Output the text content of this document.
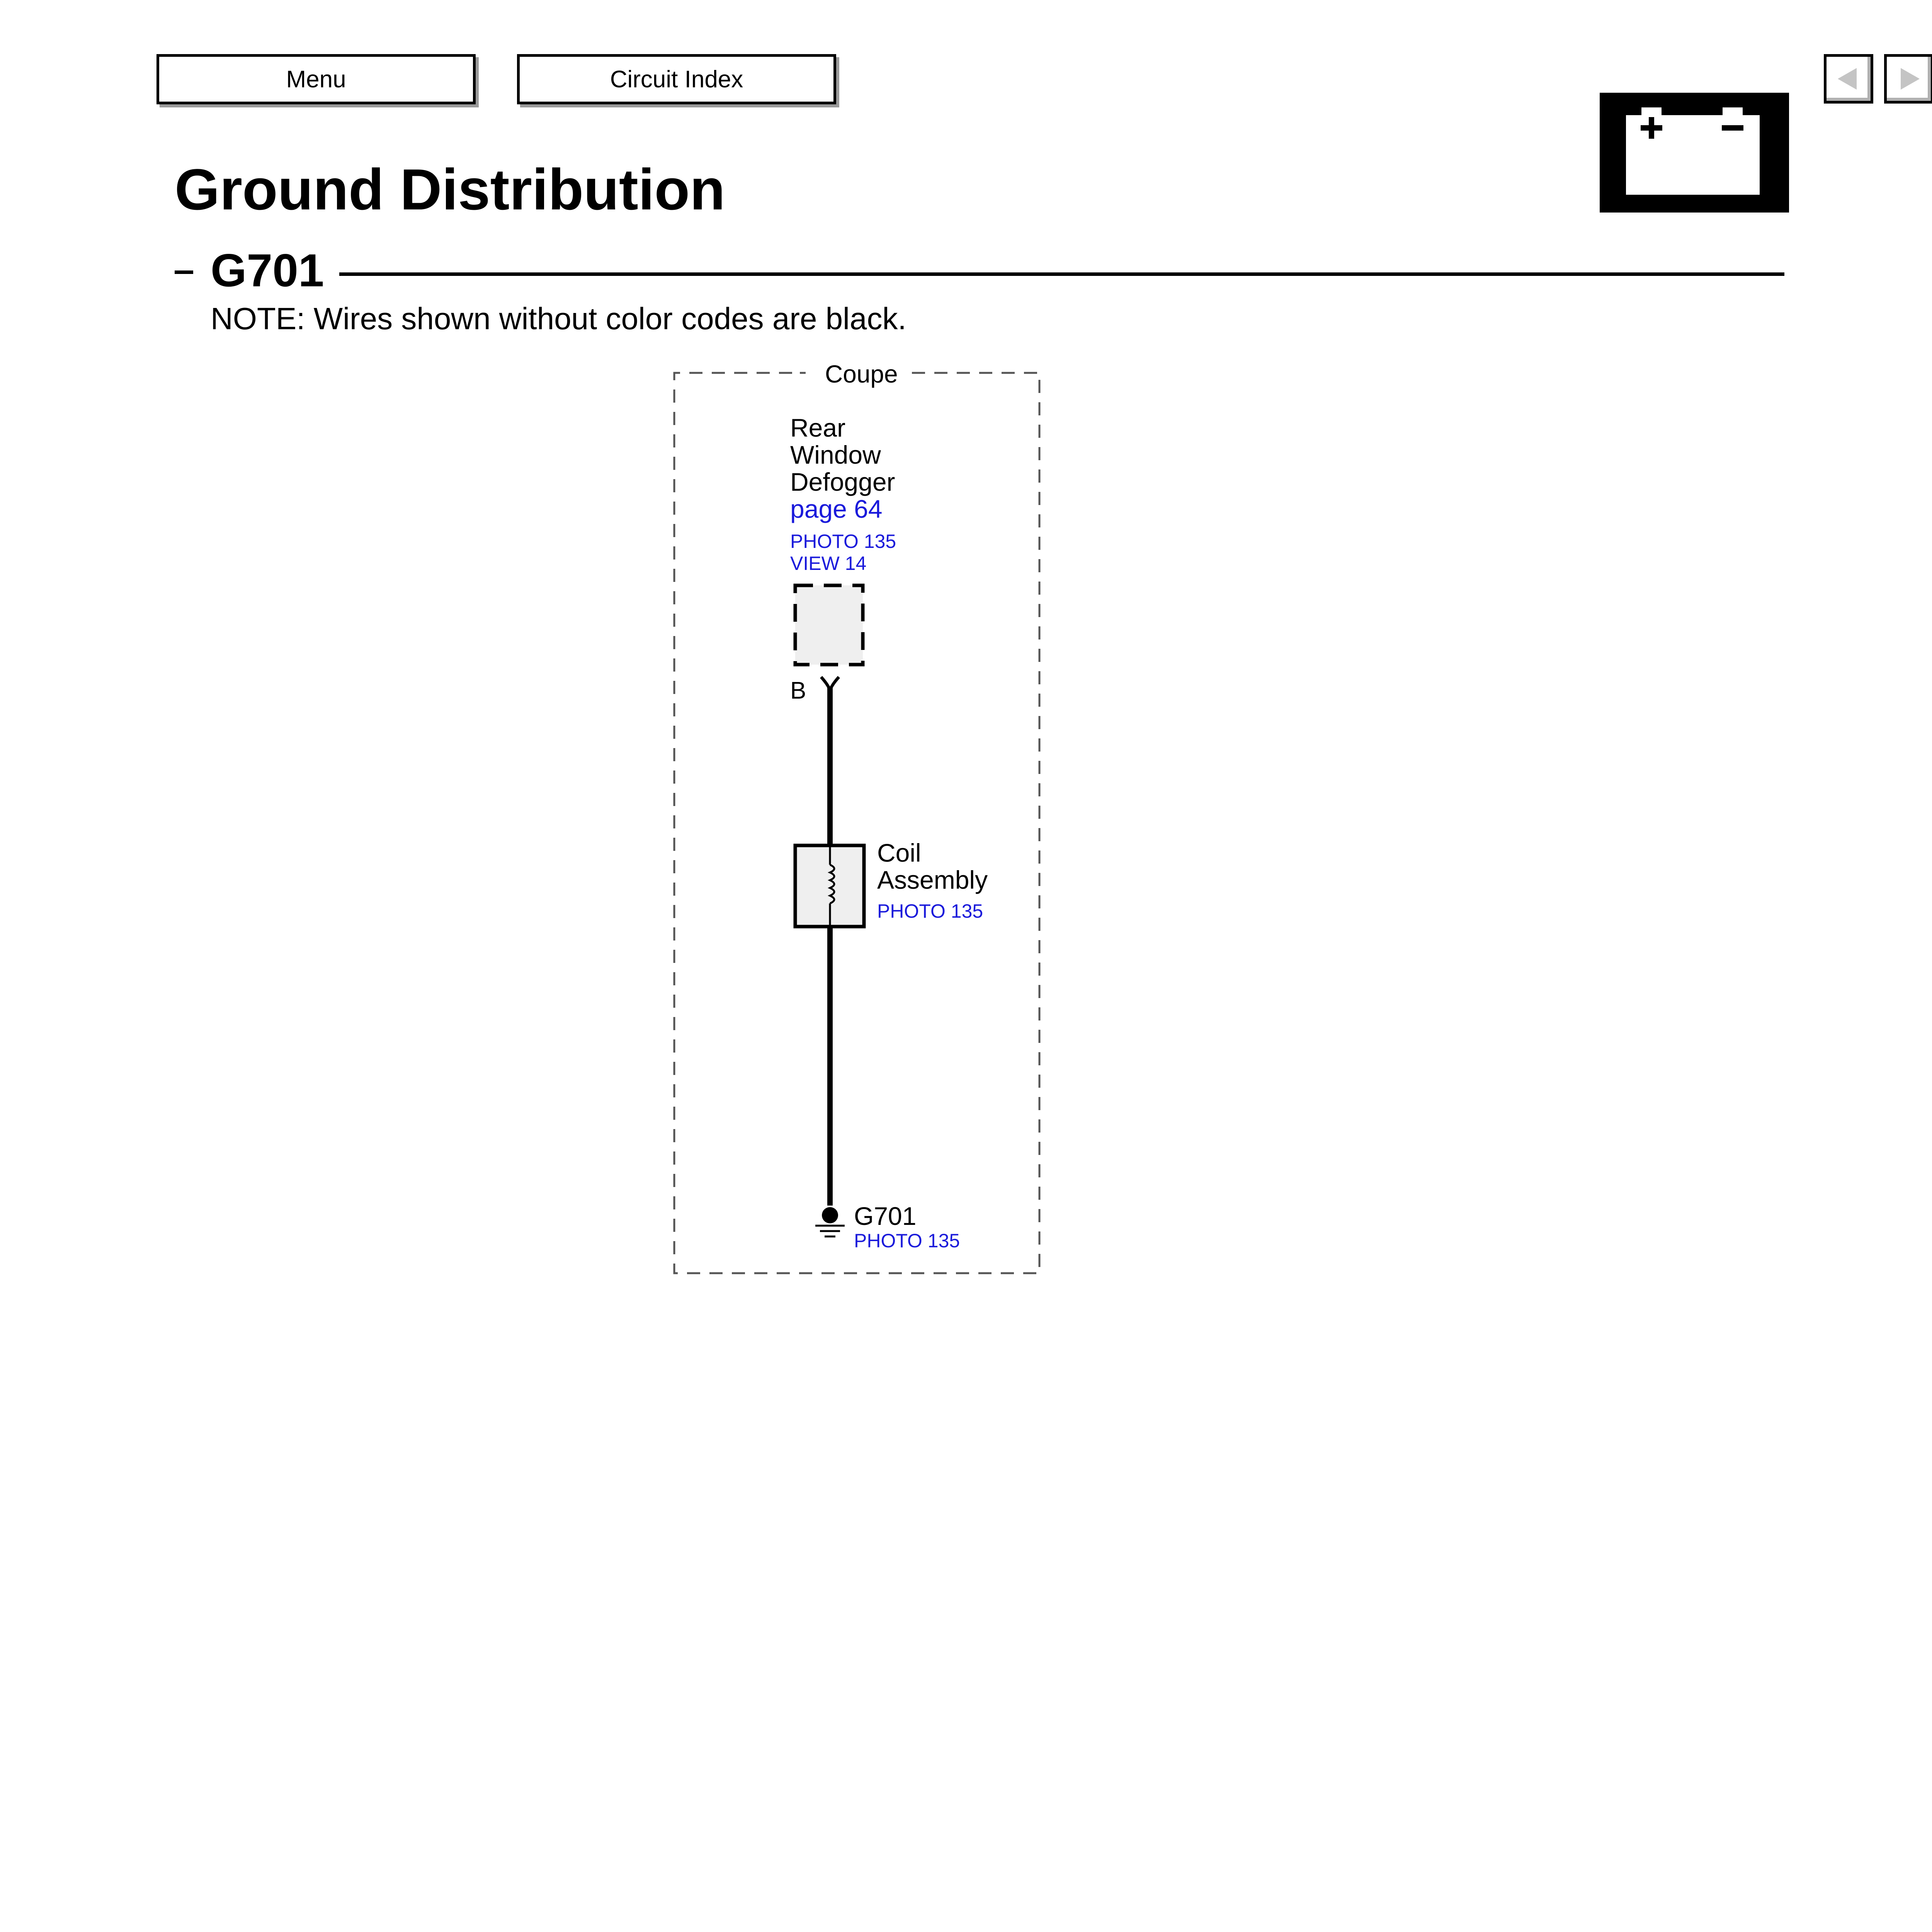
Menu	Circuit Index
Ground Distribution
G701
NOTE: Wires shown without color codes are black.
Coupe
Rear
Window
Defogger
page 64
PHOTO 135
VIEW 14
B
Coil
Assembly
PHOTO 135
G701
PHOTO 135
